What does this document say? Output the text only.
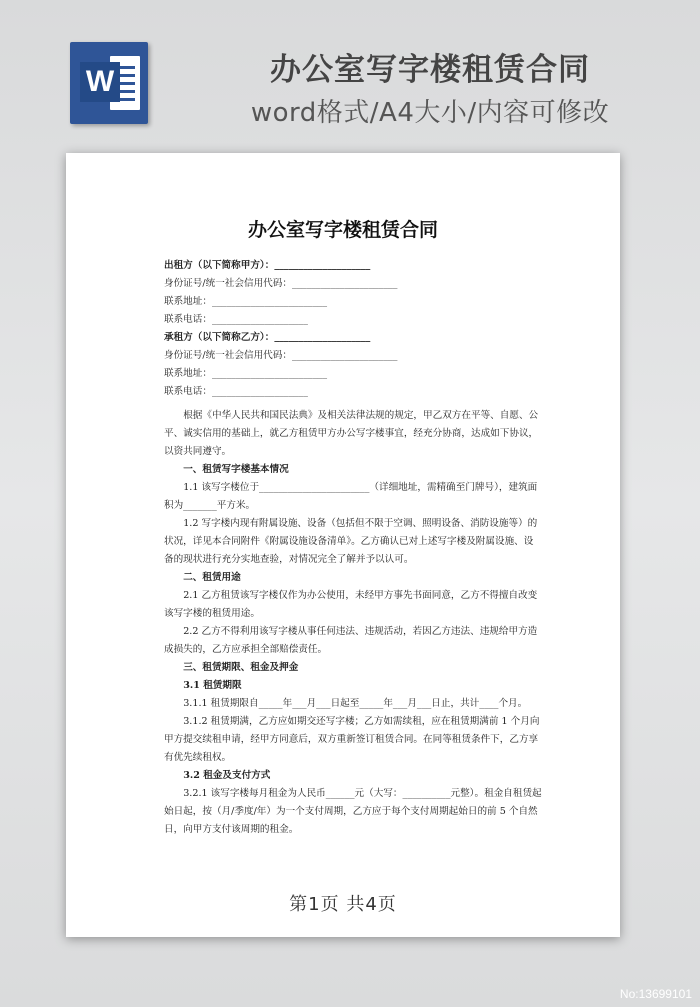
W	办公室写字楼租赁合同
word格式/A4大小/内容可修改
办公室写字楼租赁合同

出租方（以下简称甲方）：____________________

身份证号/统一社会信用代码：______________________

联系地址：________________________

联系电话：____________________

承租方（以下简称乙方）：____________________

身份证号/统一社会信用代码：______________________

联系地址：________________________

联系电话：____________________

根据《中华人民共和国民法典》及相关法律法规的规定，甲乙双方在平等、自愿、公平、诚实信用的基础上，就乙方租赁甲方办公写字楼事宜，经充分协商，达成如下协议，以资共同遵守。

一、租赁写字楼基本情况

1.1 该写字楼位于_______________________（详细地址，需精确至门牌号），建筑面积为_______平方米。

1.2 写字楼内现有附属设施、设备（包括但不限于空调、照明设备、消防设施等）的状况，详见本合同附件《附属设施设备清单》。乙方确认已对上述写字楼及附属设施、设备的现状进行充分实地查验，对情况完全了解并予以认可。

二、租赁用途

2.1 乙方租赁该写字楼仅作为办公使用，未经甲方事先书面同意，乙方不得擅自改变该写字楼的租赁用途。

2.2 乙方不得利用该写字楼从事任何违法、违规活动，若因乙方违法、违规给甲方造成损失的，乙方应承担全部赔偿责任。

三、租赁期限、租金及押金

3.1 租赁期限

3.1.1 租赁期限自_____年___月___日起至_____年___月___日止，共计____个月。

3.1.2 租赁期满，乙方应如期交还写字楼；乙方如需续租，应在租赁期满前 1 个月向甲方提交续租申请，经甲方同意后，双方重新签订租赁合同。在同等租赁条件下，乙方享有优先续租权。

3.2 租金及支付方式

3.2.1 该写字楼每月租金为人民币______元（大写：__________元整）。租金自租赁起始日起，按（月/季度/年）为一个支付周期，乙方应于每个支付周期起始日的前 5 个自然日，向甲方支付该周期的租金。

第1页 共4页
No:13699101
